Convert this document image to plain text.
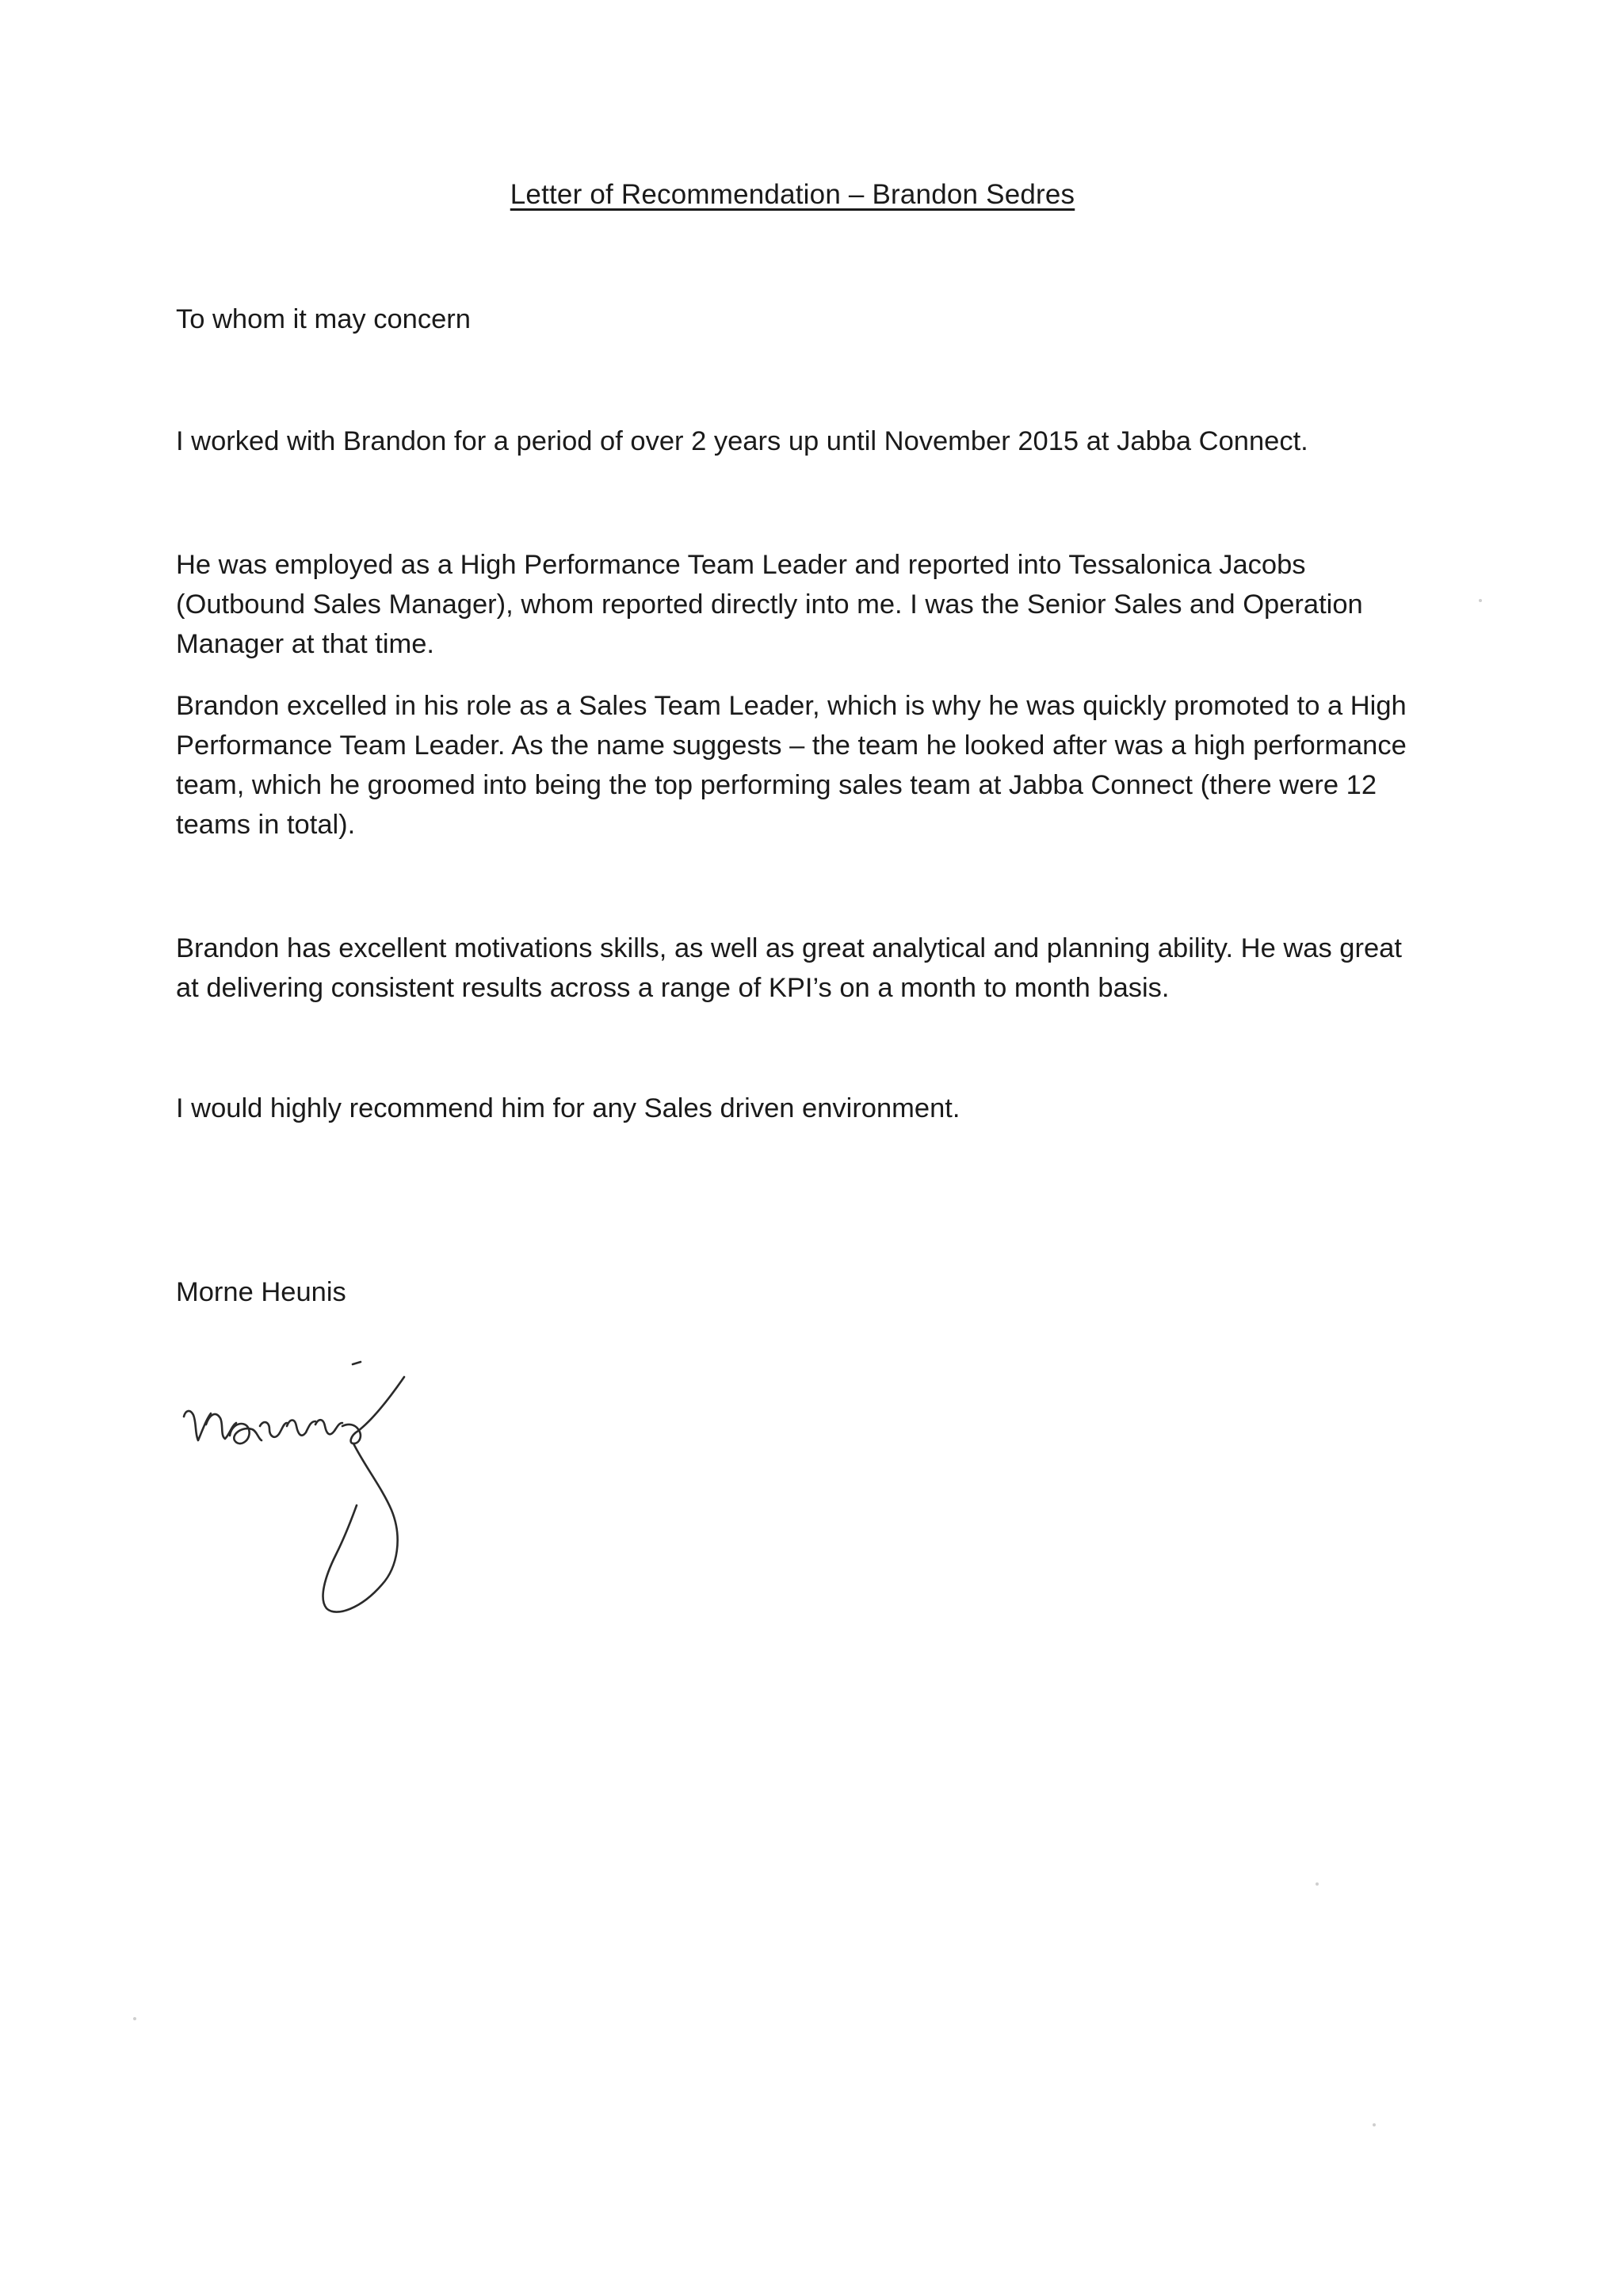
Letter of Recommendation – Brandon Sedres

To whom it may concern

I worked with Brandon for a period of over 2 years up until November 2015 at Jabba Connect.

He was employed as a High Performance Team Leader and reported into Tessalonica Jacobs (Outbound Sales Manager), whom reported directly into me. I was the Senior Sales and Operation Manager at that time.

Brandon excelled in his role as a Sales Team Leader, which is why he was quickly promoted to a High Performance Team Leader. As the name suggests – the team he looked after was a high performance team, which he groomed into being the top performing sales team at Jabba Connect (there were 12 teams in total).

Brandon has excellent motivations skills, as well as great analytical and planning ability. He was great at delivering consistent results across a range of KPI’s on a month to month basis.

I would highly recommend him for any Sales driven environment.

Morne Heunis
